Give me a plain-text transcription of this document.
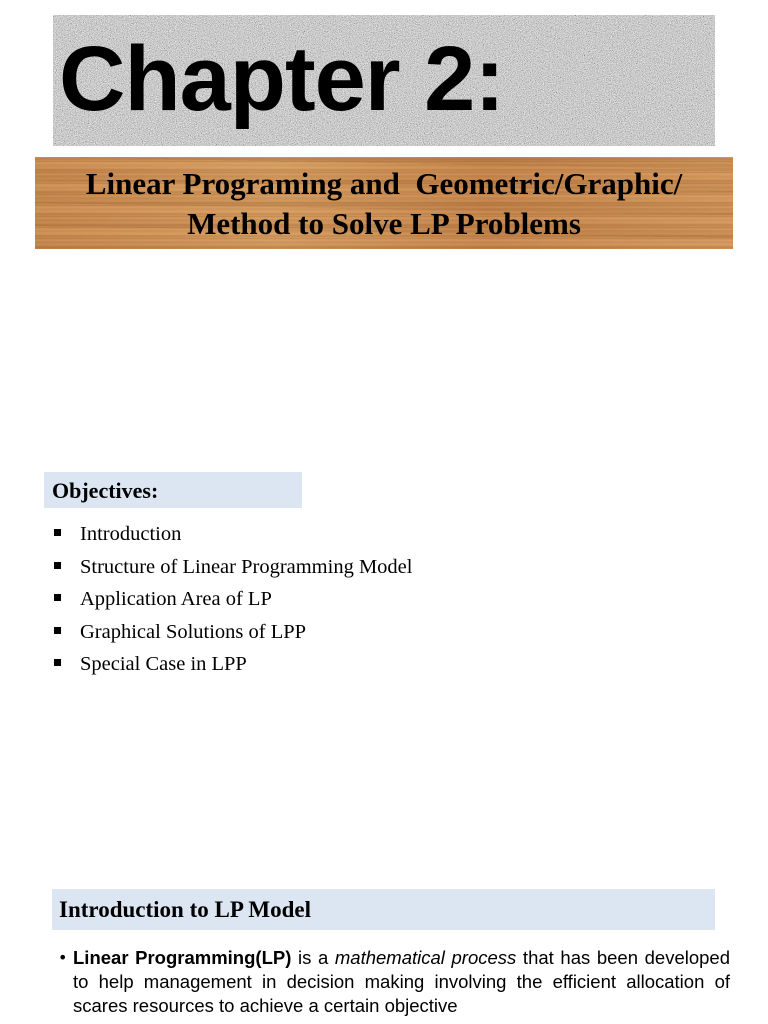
Chapter 2:

Linear Programing and  Geometric/Graphic/
Method to Solve LP Problems

Objectives:
Introduction
Structure of Linear Programming Model
Application Area of LP
Graphical Solutions of LPP
Special Case in LPP
Introduction to LP Model
• Linear Programming(LP) is a mathematical process that has been developed to help management in decision making involving the efficient allocation of scares resources to achieve a certain objective
